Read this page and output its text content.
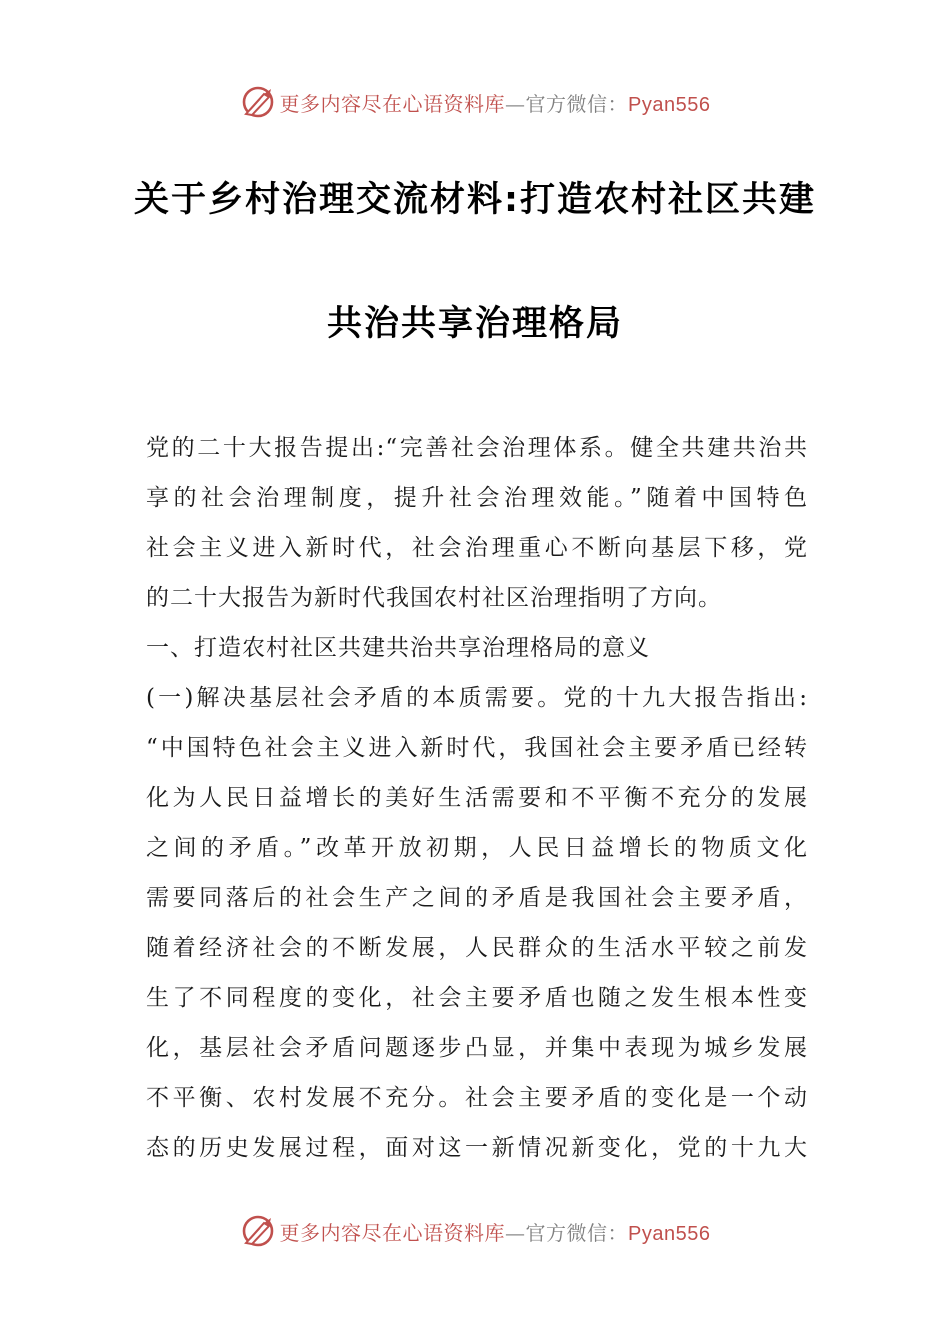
更多内容尽在心语资料库—官方微信：Pyan556
关于乡村治理交流材料:打造农村社区共建
共治共享治理格局
党的二十大报告提出:“完善社会治理体系。健全共建共治共
享的社会治理制度，提升社会治理效能。”随着中国特色
社会主义进入新时代，社会治理重心不断向基层下移，党
的二十大报告为新时代我国农村社区治理指明了方向。
一、打造农村社区共建共治共享治理格局的意义
(一)解决基层社会矛盾的本质需要。党的十九大报告指出:
“中国特色社会主义进入新时代，我国社会主要矛盾已经转
化为人民日益增长的美好生活需要和不平衡不充分的发展
之间的矛盾。”改革开放初期，人民日益增长的物质文化
需要同落后的社会生产之间的矛盾是我国社会主要矛盾，
随着经济社会的不断发展，人民群众的生活水平较之前发
生了不同程度的变化，社会主要矛盾也随之发生根本性变
化，基层社会矛盾问题逐步凸显，并集中表现为城乡发展
不平衡、农村发展不充分。社会主要矛盾的变化是一个动
态的历史发展过程，面对这一新情况新变化，党的十九大
更多内容尽在心语资料库—官方微信：Pyan556
